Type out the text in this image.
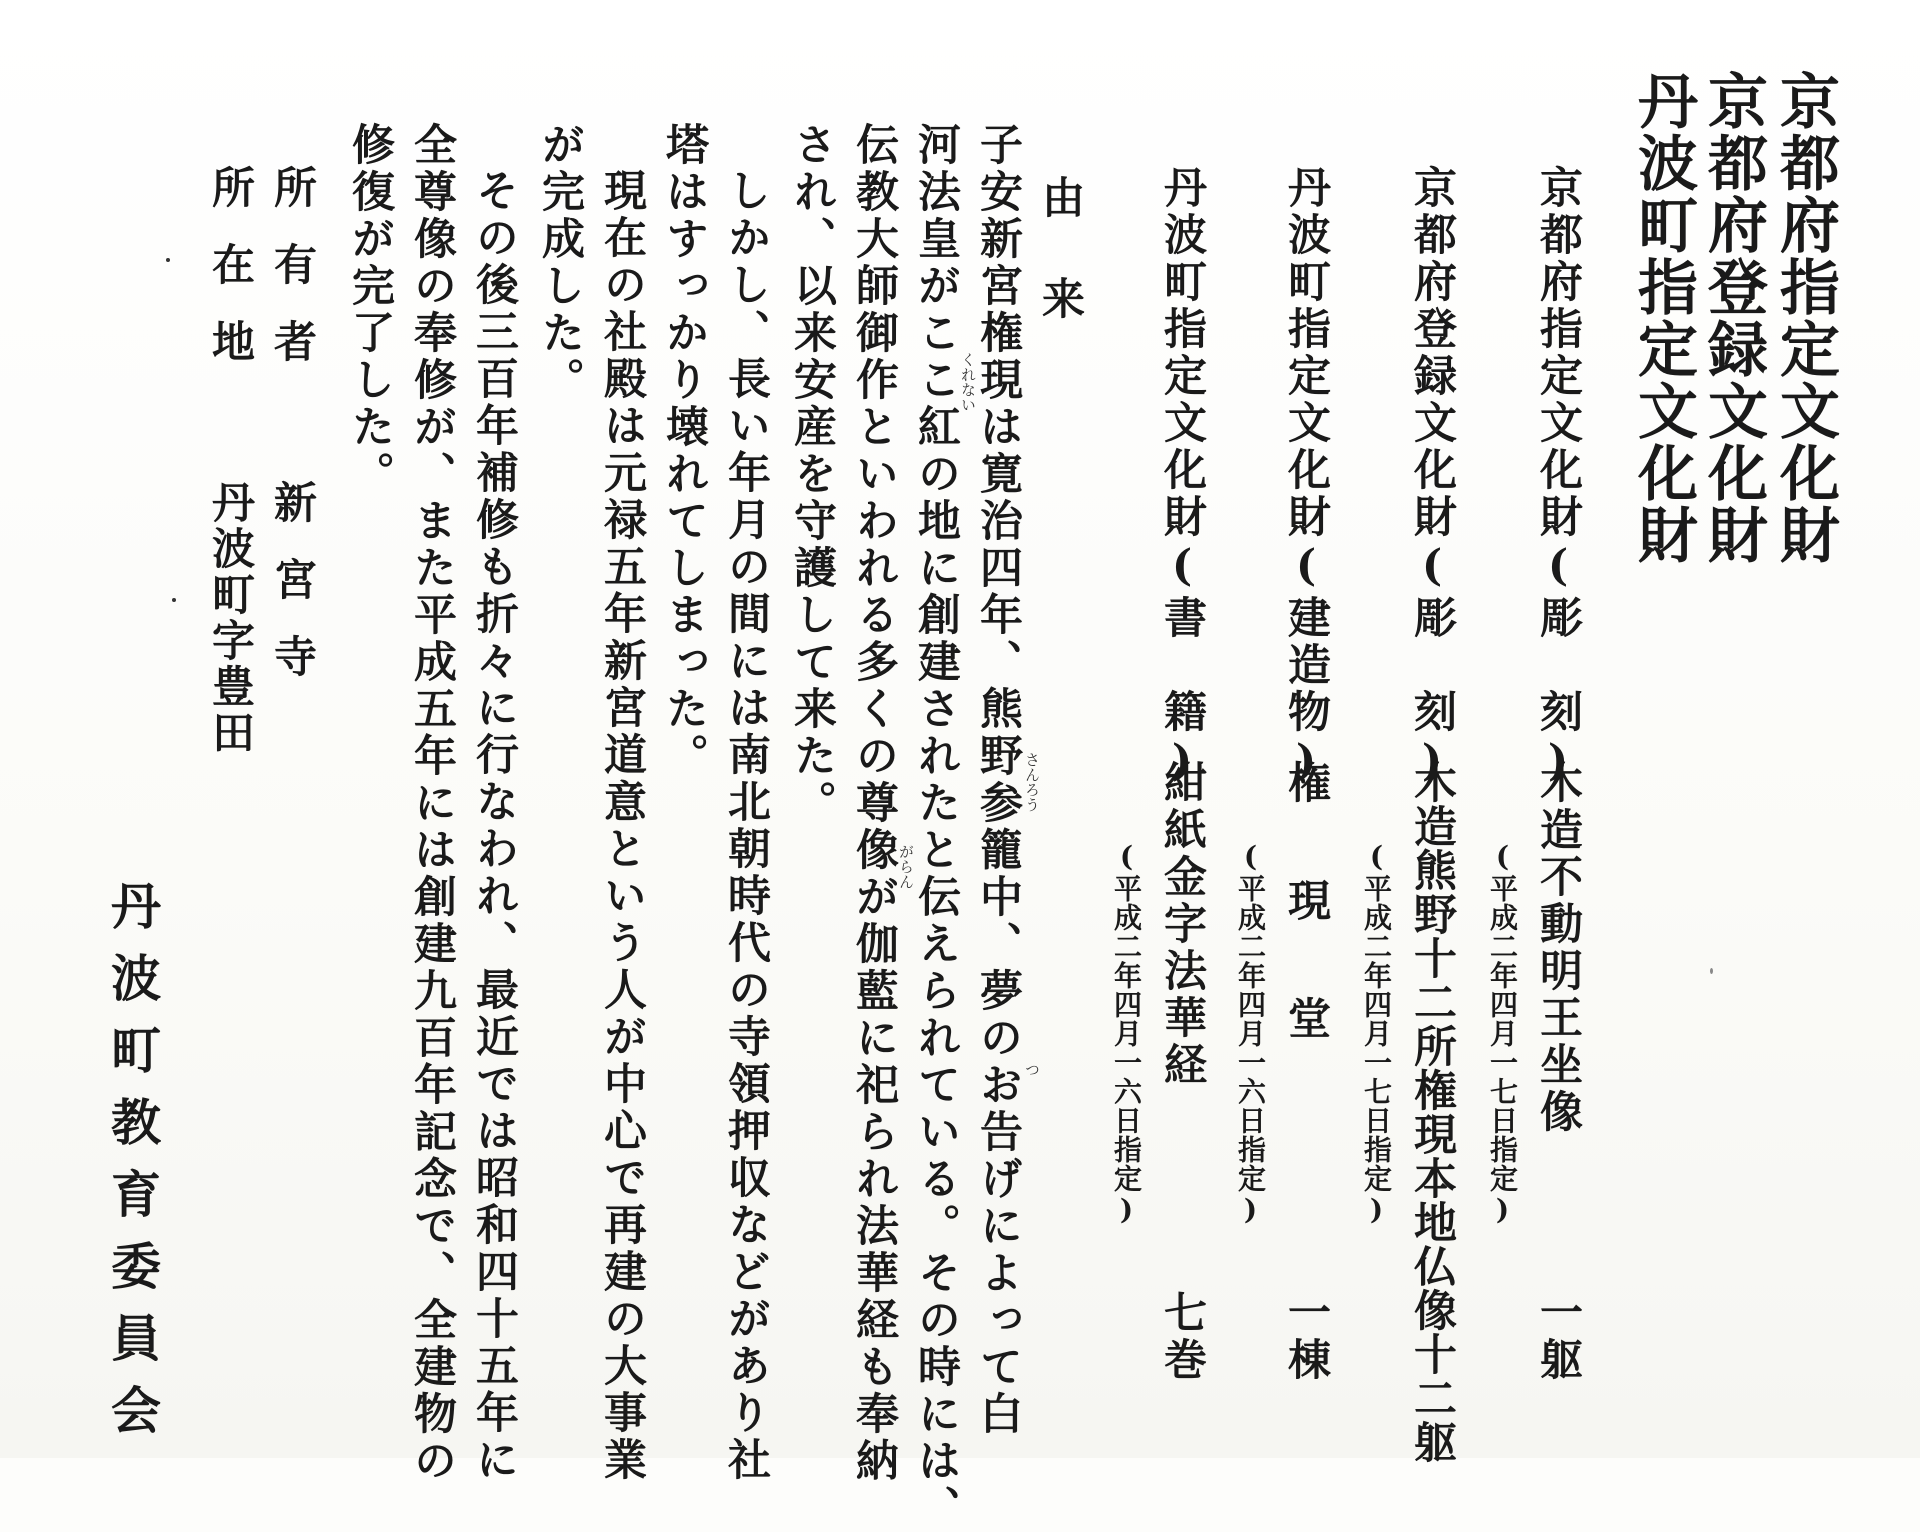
京都府指定文化財
京都府登録文化財
丹波町指定文化財
京都府指定文化財(彫　刻)
木造不動明王坐像
(平成二年四月一七日指定)
一躯
京都府登録文化財(彫　刻)
木造熊野十二所権現本地仏像十二躯
(平成二年四月一七日指定)
丹波町指定文化財(建造物)
権　現　堂
(平成二年四月一六日指定)
一棟
丹波町指定文化財(書　籍)
紺紙金字法華経
(平成二年四月一六日指定)
七巻
由来
子安新宮権現は寛治四年、熊野参籠中、夢のお告げによって白
河法皇がここ紅の地に創建されたと伝えられている。その時には、
伝教大師御作といわれる多くの尊像が伽藍に祀られ法華経も奉納
され、以来安産を守護して来た。
しかし、長い年月の間には南北朝時代の寺領押収などがあり社
塔はすっかり壊れてしまった。
現在の社殿は元禄五年新宮道意という人が中心で再建の大事業
が完成した。
その後三百年補修も折々に行なわれ、最近では昭和四十五年に
全尊像の奉修が、また平成五年には創建九百年記念で、全建物の
修復が完了した。	くれない
さんろう
つ
がらん
所有者
新宮寺
所在地
丹波町字豊田
丹波町教育委員会
